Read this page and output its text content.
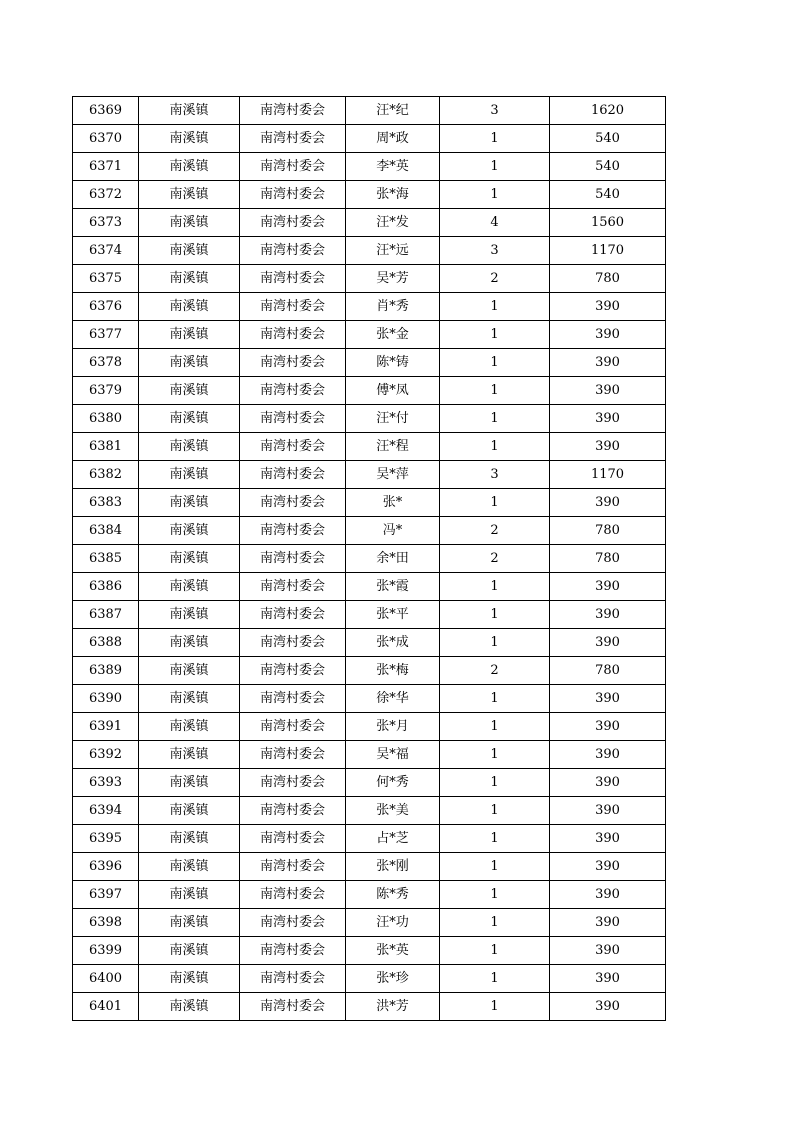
6369	南溪镇	南湾村委会	汪*纪	3	1620
6370	南溪镇	南湾村委会	周*政	1	540
6371	南溪镇	南湾村委会	李*英	1	540
6372	南溪镇	南湾村委会	张*海	1	540
6373	南溪镇	南湾村委会	汪*发	4	1560
6374	南溪镇	南湾村委会	汪*远	3	1170
6375	南溪镇	南湾村委会	吴*芳	2	780
6376	南溪镇	南湾村委会	肖*秀	1	390
6377	南溪镇	南湾村委会	张*金	1	390
6378	南溪镇	南湾村委会	陈*铸	1	390
6379	南溪镇	南湾村委会	傅*凤	1	390
6380	南溪镇	南湾村委会	汪*付	1	390
6381	南溪镇	南湾村委会	汪*程	1	390
6382	南溪镇	南湾村委会	吴*萍	3	1170
6383	南溪镇	南湾村委会	张*	1	390
6384	南溪镇	南湾村委会	冯*	2	780
6385	南溪镇	南湾村委会	余*田	2	780
6386	南溪镇	南湾村委会	张*霞	1	390
6387	南溪镇	南湾村委会	张*平	1	390
6388	南溪镇	南湾村委会	张*成	1	390
6389	南溪镇	南湾村委会	张*梅	2	780
6390	南溪镇	南湾村委会	徐*华	1	390
6391	南溪镇	南湾村委会	张*月	1	390
6392	南溪镇	南湾村委会	吴*福	1	390
6393	南溪镇	南湾村委会	何*秀	1	390
6394	南溪镇	南湾村委会	张*美	1	390
6395	南溪镇	南湾村委会	占*芝	1	390
6396	南溪镇	南湾村委会	张*刚	1	390
6397	南溪镇	南湾村委会	陈*秀	1	390
6398	南溪镇	南湾村委会	汪*功	1	390
6399	南溪镇	南湾村委会	张*英	1	390
6400	南溪镇	南湾村委会	张*珍	1	390
6401	南溪镇	南湾村委会	洪*芳	1	390
